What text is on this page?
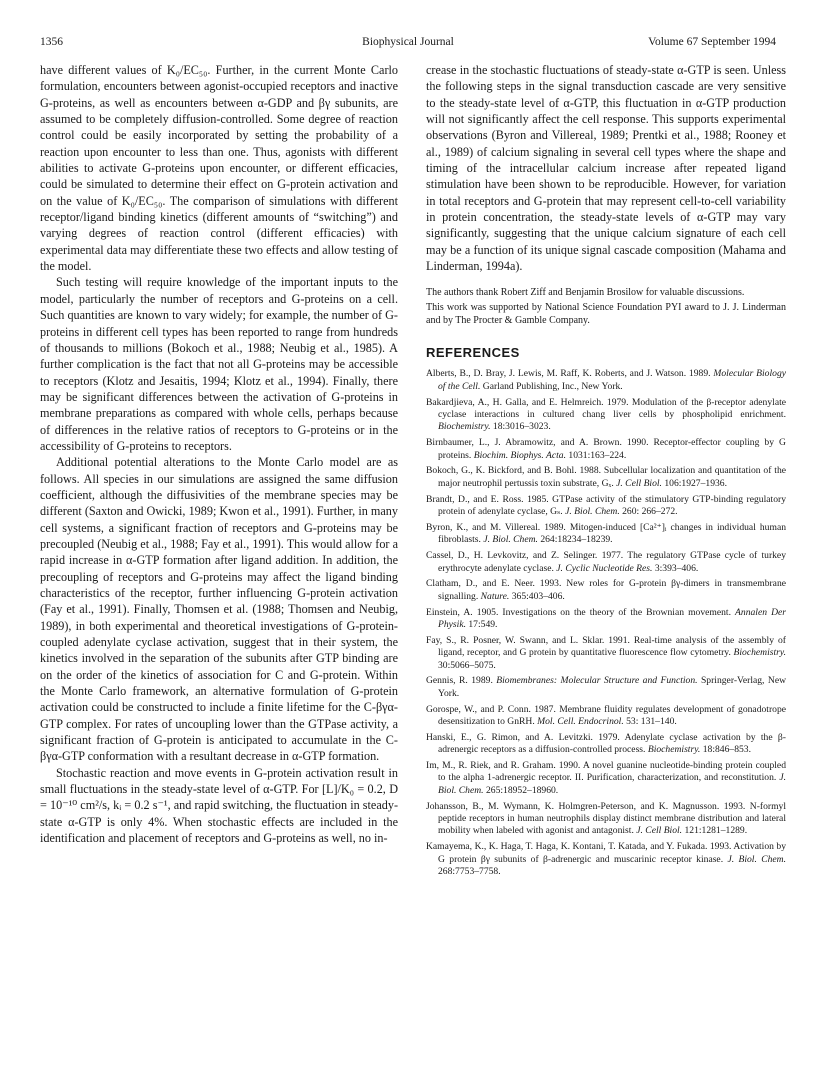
1356	Biophysical Journal	Volume 67 September 1994

have different values of K₀/EC₅₀. Further, in the current Monte Carlo formulation, encounters between agonist-occupied receptors and inactive G-proteins, as well as encounters between α-GDP and βγ subunits, are assumed to be completely diffusion-controlled. Some degree of reaction control could be easily incorporated by setting the probability of a reaction upon encounter to less than one. Thus, agonists with different abilities to activate G-proteins upon encounter, or different efficacies, could be simulated to determine their effect on G-protein activation and on the value of K₀/EC₅₀. The comparison of simulations with different receptor/ligand binding kinetics (different amounts of “switching”) and varying degrees of reaction control (different efficacies) with experimental data may differentiate these two effects and allow testing of the model.

Such testing will require knowledge of the important inputs to the model, particularly the number of receptors and G-proteins on a cell. Such quantities are known to vary widely; for example, the number of G-proteins in different cell types has been reported to range from hundreds of thousands to millions (Bokoch et al., 1988; Neubig et al., 1985). A further complication is the fact that not all G-proteins may be accessible to receptors (Klotz and Jesaitis, 1994; Klotz et al., 1994). Finally, there may be significant differences between the activation of G-proteins in membrane preparations as compared with whole cells, perhaps because of differences in the relative ratios of receptors to G-proteins or in the accessibility of G-proteins to receptors.

Additional potential alterations to the Monte Carlo model are as follows. All species in our simulations are assigned the same diffusion coefficient, although the diffusivities of the membrane species may be different (Saxton and Owicki, 1989; Kwon et al., 1991). Further, in many cell systems, a significant fraction of receptors and G-proteins may be precoupled (Neubig et al., 1988; Fay et al., 1991). This would allow for a rapid increase in α-GTP formation after ligand addition. In addition, the precoupling of receptors and G-proteins may affect the ligand binding characteristics of the receptor, further influencing G-protein activation (Fay et al., 1991). Finally, Thomsen et al. (1988; Thomsen and Neubig, 1989), in both experimental and theoretical investigations of G-protein-coupled adenylate cyclase activation, suggest that in their system, the kinetics involved in the separation of the subunits after GTP binding are on the order of the kinetics of association for C and G-protein. Within the Monte Carlo framework, an alternative formulation of G-protein activation could be constructed to include a finite lifetime for the C-βγα-GTP complex. For rates of uncoupling lower than the GTPase activity, a significant fraction of G-protein is anticipated to accumulate in the C-βγα-GTP conformation with a resultant decrease in α-GTP formation.

Stochastic reaction and move events in G-protein activation result in small fluctuations in the steady-state level of α-GTP. For [L]/K₀ = 0.2, D = 10⁻¹⁰ cm²/s, kᵢ = 0.2 s⁻¹, and rapid switching, the fluctuation in steady-state α-GTP is only 4%. When stochastic effects are included in the identification and placement of receptors and G-proteins as well, no in-

crease in the stochastic fluctuations of steady-state α-GTP is seen. Unless the following steps in the signal transduction cascade are very sensitive to the steady-state level of α-GTP, this fluctuation in α-GTP production will not significantly affect the cell response. This supports experimental observations (Byron and Villereal, 1989; Prentki et al., 1988; Rooney et al., 1989) of calcium signaling in several cell types where the shape and timing of the intracellular calcium increase after repeated ligand stimulation have been shown to be reproducible. However, for variation in total receptors and G-protein that may represent cell-to-cell variability in protein concentration, the steady-state levels of α-GTP may vary significantly, suggesting that the unique calcium signature of each cell may be a function of its unique signal cascade composition (Mahama and Linderman, 1994a).

The authors thank Robert Ziff and Benjamin Brosilow for valuable discussions.

This work was supported by National Science Foundation PYI award to J. J. Linderman and by The Procter & Gamble Company.

REFERENCES

Alberts, B., D. Bray, J. Lewis, M. Raff, K. Roberts, and J. Watson. 1989. Molecular Biology of the Cell. Garland Publishing, Inc., New York.

Bakardjieva, A., H. Galla, and E. Helmreich. 1979. Modulation of the β-receptor adenylate cyclase interactions in cultured chang liver cells by phospholipid enrichment. Biochemistry. 18:3016–3023.

Birnbaumer, L., J. Abramowitz, and A. Brown. 1990. Receptor-effector coupling by G proteins. Biochim. Biophys. Acta. 1031:163–224.

Bokoch, G., K. Bickford, and B. Bohl. 1988. Subcellular localization and quantitation of the major neutrophil pertussis toxin substrate, Gₓ. J. Cell Biol. 106:1927–1936.

Brandt, D., and E. Ross. 1985. GTPase activity of the stimulatory GTP-binding regulatory protein of adenylate cyclase, Gₛ. J. Biol. Chem. 260: 266–272.

Byron, K., and M. Villereal. 1989. Mitogen-induced [Ca²⁺]ᵢ changes in individual human fibroblasts. J. Biol. Chem. 264:18234–18239.

Cassel, D., H. Levkovitz, and Z. Selinger. 1977. The regulatory GTPase cycle of turkey erythrocyte adenylate cyclase. J. Cyclic Nucleotide Res. 3:393–406.

Clatham, D., and E. Neer. 1993. New roles for G-protein βγ-dimers in transmembrane signalling. Nature. 365:403–406.

Einstein, A. 1905. Investigations on the theory of the Brownian movement. Annalen Der Physik. 17:549.

Fay, S., R. Posner, W. Swann, and L. Sklar. 1991. Real-time analysis of the assembly of ligand, receptor, and G protein by quantitative fluorescence flow cytometry. Biochemistry. 30:5066–5075.

Gennis, R. 1989. Biomembranes: Molecular Structure and Function. Springer-Verlag, New York.

Gorospe, W., and P. Conn. 1987. Membrane fluidity regulates development of gonadotrope desensitization to GnRH. Mol. Cell. Endocrinol. 53: 131–140.

Hanski, E., G. Rimon, and A. Levitzki. 1979. Adenylate cyclase activation by the β-adrenergic receptors as a diffusion-controlled process. Biochemistry. 18:846–853.

Im, M., R. Riek, and R. Graham. 1990. A novel guanine nucleotide-binding protein coupled to the alpha 1-adrenergic receptor. II. Purification, characterization, and reconstitution. J. Biol. Chem. 265:18952–18960.

Johansson, B., M. Wymann, K. Holmgren-Peterson, and K. Magnusson. 1993. N-formyl peptide receptors in human neutrophils display distinct membrane distribution and lateral mobility when labeled with agonist and antagonist. J. Cell Biol. 121:1281–1289.

Kamayema, K., K. Haga, T. Haga, K. Kontani, T. Katada, and Y. Fukada. 1993. Activation by G protein βγ subunits of β-adrenergic and muscarinic receptor kinase. J. Biol. Chem. 268:7753–7758.
